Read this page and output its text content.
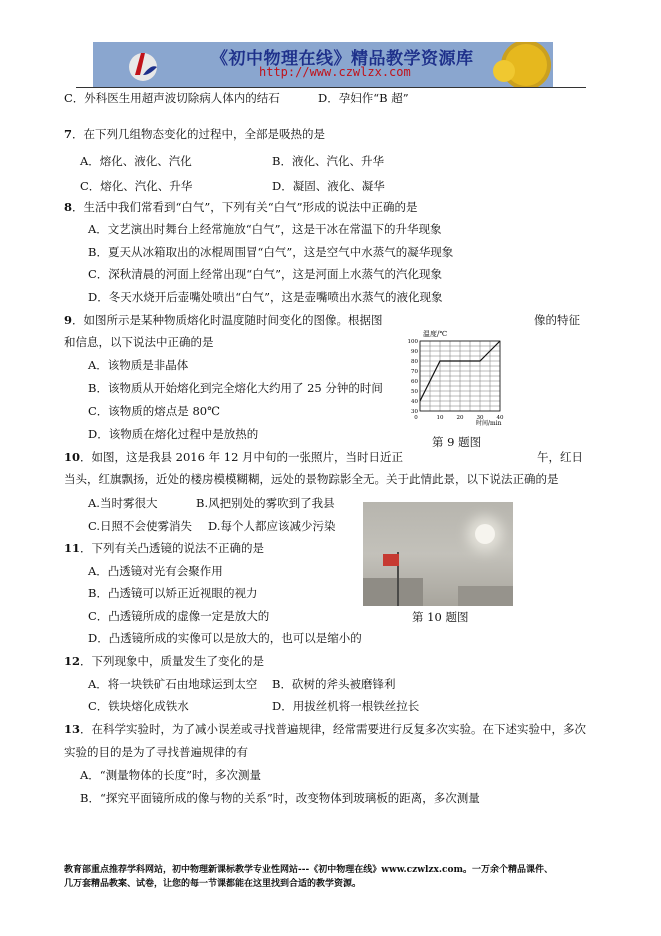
《初中物理在线》精品教学资源库
http://www.czwlzx.com
C．外科医生用超声波切除病人体内的结石	D．孕妇作“B 超”
7．在下列几组物态变化的过程中，全部是吸热的是
A．熔化、液化、汽化	B．液化、汽化、升华
C．熔化、汽化、升华	D．凝固、液化、凝华
8．生活中我们常看到“白气”，下列有关“白气”形成的说法中正确的是
A．文艺演出时舞台上经常施放“白气”，这是干冰在常温下的升华现象
B．夏天从冰箱取出的冰棍周围冒“白气”，这是空气中水蒸气的凝华现象
C．深秋清晨的河面上经常出现“白气”，这是河面上水蒸气的汽化现象
D．冬天水烧开后壶嘴处喷出“白气”，这是壶嘴喷出水蒸气的液化现象
9．如图所示是某种物质熔化时温度随时间变化的图像。根据图	像的特征
和信息，以下说法中正确的是
A．该物质是非晶体
B．该物质从开始熔化到完全熔化大约用了 25 分钟的时间
C．该物质的熔点是 80℃
D．该物质在熔化过程中是放热的
100
90
80
70
60
50
40
30
0	10 20 30 40
温度/℃
时间/min
第 9 题图
10．如图，这是我县 2016 年 12 月中旬的一张照片，当时日近正	午，红日
当头，红旗飘扬，近处的楼房模模糊糊，远处的景物踪影全无。关于此情此景，以下说法正确的是
A.当时雾很大	B.风把别处的雾吹到了我县
C.日照不会使雾消失 D.每个人都应该减少污染
第 10 题图
11．下列有关凸透镜的说法不正确的是
A．凸透镜对光有会聚作用
B．凸透镜可以矫正近视眼的视力
C．凸透镜所成的虚像一定是放大的
D．凸透镜所成的实像可以是放大的，也可以是缩小的
12．下列现象中，质量发生了变化的是
A．将一块铁矿石由地球运到太空 B．砍树的斧头被磨锋利
C．铁块熔化成铁水	D．用拔丝机将一根铁丝拉长
13．在科学实验时，为了减小误差或寻找普遍规律，经常需要进行反复多次实验。在下述实验中，多次
实验的目的是为了寻找普遍规律的有
A．“测量物体的长度”时，多次测量
B．“探究平面镜所成的像与物的关系”时，改变物体到玻璃板的距离，多次测量
教育部重点推荐学科网站，初中物理新课标教学专业性网站---《初中物理在线》www.czwlzx.com。一万余个精品课件、
几万套精品教案、试卷，让您的每一节课都能在这里找到合适的教学资源。
